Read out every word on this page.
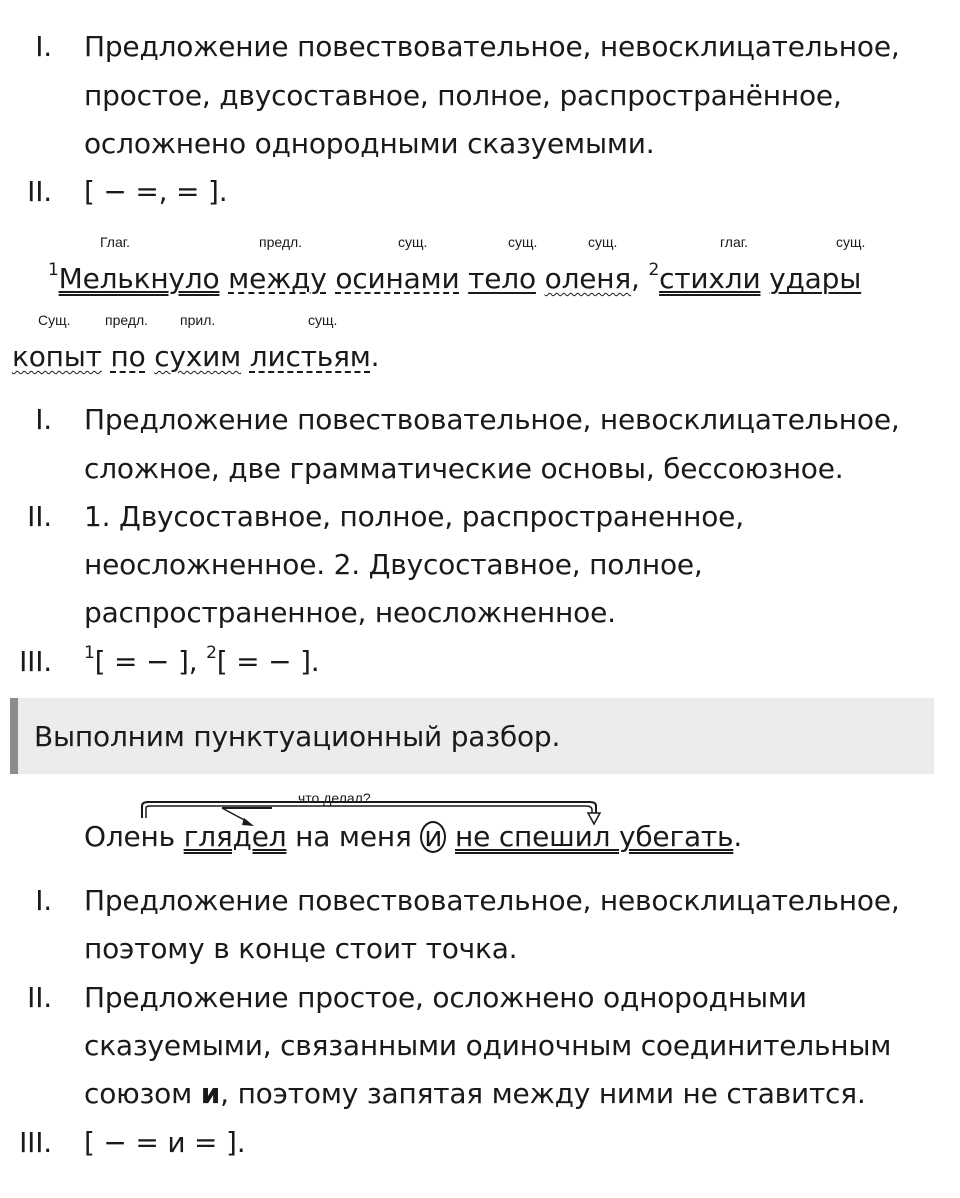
I. Предложение повествовательное, невосклицательное,
простое, двусоставное, полное, распространённое,
осложнено однородными сказуемыми.
II. [ − =, = ].
Глаг.	предл.	сущ.	сущ.	сущ.	глаг.	сущ.
$^1$Мелькнуло между осинами тело оленя, $^2$стихли удары
Сущ. предл. прил.	сущ.
копыт по сухим листьям.
I. Предложение повествовательное, невосклицательное,
сложное, две грамматические основы, бессоюзное.
II. 1. Двусоставное, полное, распространенное,
неосложненное. 2. Двусоставное, полное,
распространенное, неосложненное.
III. $^1$[ = − ], $^2$[ = − ].
Выполним пунктуационный разбор.
что делал?
Олень глядел на меня и не спешил убегать.
I. Предложение повествовательное, невосклицательное,
поэтому в конце стоит точка.
II. Предложение простое, осложнено однородными
сказуемыми, связанными одиночным соединительным
союзом и, поэтому запятая между ними не ставится.
III. [ − = и = ].
